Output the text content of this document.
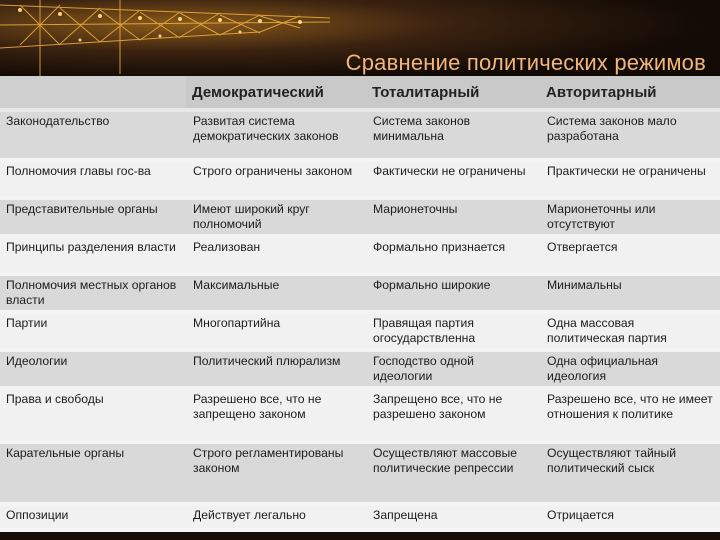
Сравнение политических режимов
	Демократический	Тоталитарный	Авторитарный
Законодательство	Развитая система демократических законов	Система законов минимальна	Система законов мало разработана
Полномочия главы гос-ва	Строго ограничены законом	Фактически не ограничены	Практически не ограничены
Представительные органы	Имеют широкий круг полномочий	Марионеточны	Марионеточны или отсутствуют
Принципы разделения власти	Реализован	Формально признается	Отвергается
Полномочия местных органов власти	Максимальные	Формально широкие	Минимальны
Партии	Многопартийна	Правящая партия огосударствленна	Одна массовая политическая партия
Идеологии	Политический плюрализм	Господство одной идеологии	Одна официальная идеология
Права и свободы	Разрешено все, что не запрещено законом	Запрещено все, что не разрешено законом	Разрешено все, что не имеет отношения к политике
Карательные органы	Строго регламентированы законом	Осуществляют массовые политические репрессии	Осуществляют тайный политический сыск
Оппозиции	Действует легально	Запрещена	Отрицается
